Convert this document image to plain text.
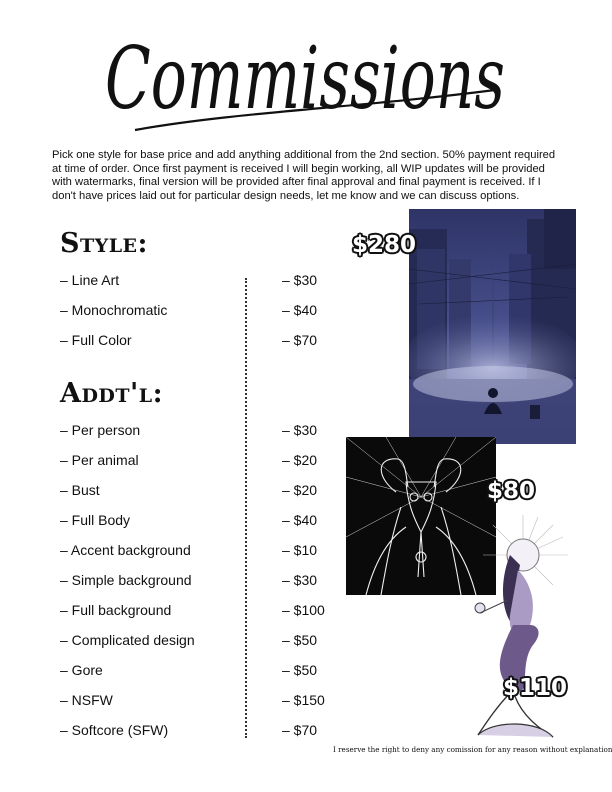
Commissions

Pick one style for base price and add anything additional from the 2nd section. 50% payment required at time of order. Once first payment is received I will begin working, all WIP updates will be provided with watermarks, final version will be provided after final approval and final payment is received. If I don't have prices laid out for particular design needs, let me know and we can discuss options.

Style:
– Line Art	– $30
– Monochromatic	– $40
– Full Color	– $70
Addt'l:
– Per person	– $30
– Per animal	– $20
– Bust	– $20
– Full Body	– $40
– Accent background	– $10
– Simple background	– $30
– Full background	– $100
– Complicated design	– $50
– Gore	– $50
– NSFW	– $150
– Softcore (SFW)	– $70
$280
$80
$110
I reserve the right to deny any comission for any reason without explanation
